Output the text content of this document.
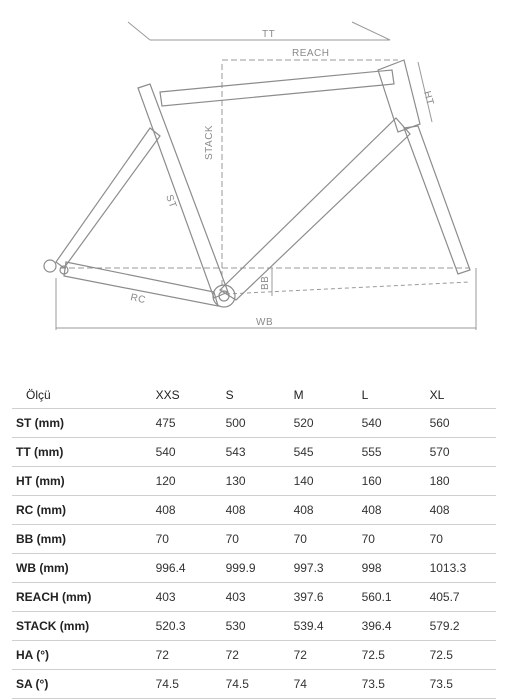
TT
REACH
HT
STACK
ST
RC
BB
WB
Ölçü	XXS	S	M	L	XL
ST (mm)	475	500	520	540	560
TT (mm)	540	543	545	555	570
HT (mm)	120	130	140	160	180
RC (mm)	408	408	408	408	408
BB (mm)	70	70	70	70	70
WB (mm)	996.4	999.9	997.3	998	1013.3
REACH (mm)	403	403	397.6	560.1	405.7
STACK (mm)	520.3	530	539.4	396.4	579.2
HA (°)	72	72	72	72.5	72.5
SA (°)	74.5	74.5	74	73.5	73.5
